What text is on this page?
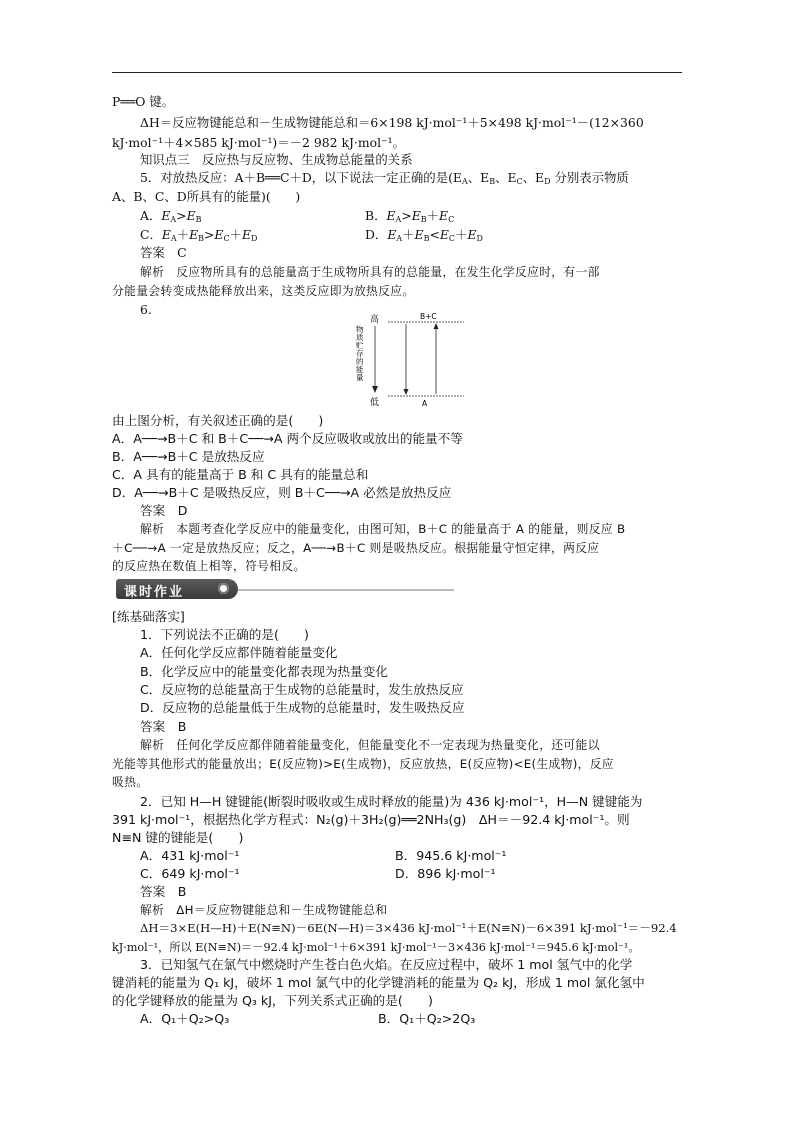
P══O 键。
ΔH＝反应物键能总和－生成物键能总和＝6×198 kJ·mol⁻¹＋5×498 kJ·mol⁻¹－(12×360
kJ·mol⁻¹＋4×585 kJ·mol⁻¹)＝－2 982 kJ·mol⁻¹。
知识点三　反应热与反应物、生成物总能量的关系
5．对放热反应：A＋B══C＋D，以下说法一定正确的是($E_A$、$E_B$、$E_C$、$E_D$ 分别表示物质
A、B、C、D所具有的能量)(　　)
A．$E_A>E_B$	B．$E_A>E_B+E_C$
C．$E_A+E_B>E_C+E_D$	D．$E_A+E_B<E_C+E_D$
答案　C
解析　反应物所具有的总能量高于生成物所具有的总能量，在发生化学反应时，有一部
分能量会转变成热能释放出来，这类反应即为放热反应。
6.
高
低
物
质
贮
存
的
能
量
B+C
A
由上图分析，有关叙述正确的是(　　)
A．A──→B＋C 和 B＋C──→A 两个反应吸收或放出的能量不等
B．A──→B＋C 是放热反应
C．A 具有的能量高于 B 和 C 具有的能量总和
D．A──→B＋C 是吸热反应，则 B＋C──→A 必然是放热反应
答案　D
解析　本题考查化学反应中的能量变化，由图可知，B＋C 的能量高于 A 的能量，则反应 B
＋C──→A 一定是放热反应；反之，A──→B＋C 则是吸热反应。根据能量守恒定律，两反应
的反应热在数值上相等，符号相反。
课时作业
[练基础落实]
1．下列说法不正确的是(　　)
A．任何化学反应都伴随着能量变化
B．化学反应中的能量变化都表现为热量变化
C．反应物的总能量高于生成物的总能量时，发生放热反应
D．反应物的总能量低于生成物的总能量时，发生吸热反应
答案　B
解析　任何化学反应都伴随着能量变化，但能量变化不一定表现为热量变化，还可能以
光能等其他形式的能量放出；E(反应物)>E(生成物)，反应放热，E(反应物)<E(生成物)，反应
吸热。
2．已知 H—H 键键能(断裂时吸收或生成时释放的能量)为 436 kJ·mol⁻¹，H—N 键键能为
391 kJ·mol⁻¹，根据热化学方程式：N₂(g)＋3H₂(g)══2NH₃(g)　ΔH＝－92.4 kJ·mol⁻¹。则
N≡N 键的键能是(　　)
A．431 kJ·mol⁻¹	B．945.6 kJ·mol⁻¹
C．649 kJ·mol⁻¹	D．896 kJ·mol⁻¹
答案　B
解析　ΔH＝反应物键能总和－生成物键能总和
ΔH＝3×E(H—H)＋E(N≡N)－6E(N—H)＝3×436 kJ·mol⁻¹＋E(N≡N)－6×391 kJ·mol⁻¹＝－92.4
kJ·mol⁻¹，所以 E(N≡N)＝－92.4 kJ·mol⁻¹＋6×391 kJ·mol⁻¹－3×436 kJ·mol⁻¹＝945.6 kJ·mol⁻¹。
3．已知氢气在氯气中燃烧时产生苍白色火焰。在反应过程中，破坏 1 mol 氢气中的化学
键消耗的能量为 Q₁ kJ，破坏 1 mol 氯气中的化学键消耗的能量为 Q₂ kJ，形成 1 mol 氯化氢中
的化学键释放的能量为 Q₃ kJ，下列关系式正确的是(　　)
A．Q₁＋Q₂>Q₃	B．Q₁＋Q₂>2Q₃
